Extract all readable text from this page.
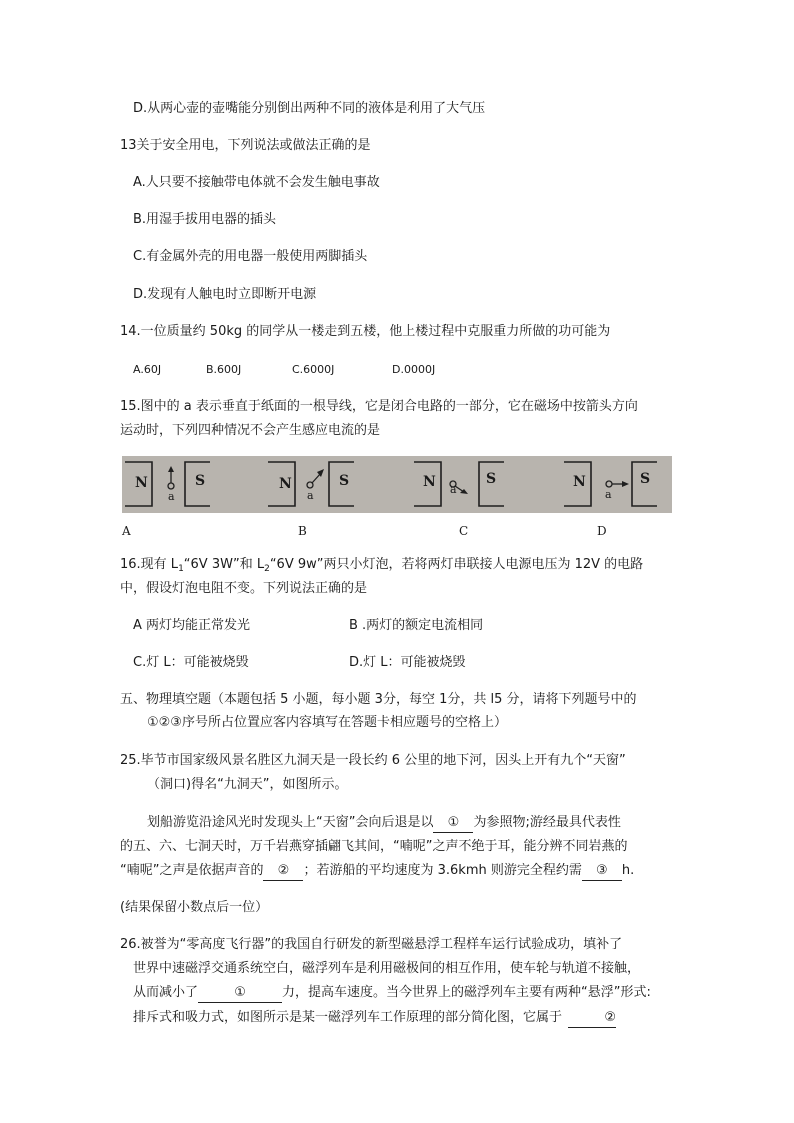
D.从两心壶的壶嘴能分别倒出两种不同的液体是利用了大气压
13关于安全用电，下列说法或做法正确的是
A.人只要不接触带电体就不会发生触电事故
B.用湿手拔用电器的插头
C.有金属外壳的用电器一般使用两脚插头
D.发现有人触电时立即断开电源
14.一位质量约 50kg 的同学从一楼走到五楼，他上楼过程中克服重力所做的功可能为
A.60J	B.600J	C.6000J	D.0000J
15.图中的 a 表示垂直于纸面的一根导线，它是闭合电路的一部分，它在磁场中按箭头方向
运动时，下列四种情况不会产生感应电流的是
N	S
a
N	S
a
N	S
a	N	S
a
A	B	C	D
16.现有 $L_1“6V$ 3W”和 $L_2“6V$ 9w”两只小灯泡，若将两灯串联接人电源电压为 12V 的电路
中，假设灯泡电阻不变。下列说法正确的是
A 两灯均能正常发光	B .两灯的额定电流相同
C.灯 L：可能被烧毁	D.灯 L：可能被烧毁
五、物理填空题（本题包括 5 小题，每小题 3分，每空 1分，共 l5 分，请将下列题号中的
①②③序号所占位置应客内容填写在答题卡相应题号的空格上）
25.毕节市国家级风景名胜区九洞天是一段长约 6 公里的地下河，因头上开有九个“天窗”
（洞口)得名“九洞天”，如图所示。
划船游览沿途风光时发现头上“天窗”会向后退是以 ① 为参照物;游经最具代表性
的五、六、七洞天时，万千岩燕穿插翩飞其间，“喃呢”之声不绝于耳，能分辨不同岩燕的
“喃呢”之声是依据声音的 ② ；若游船的平均速度为 3.6kmh 则游完全程约需 ③ h.
(结果保留小数点后一位）
26.被誉为“零高度飞行器”的我国自行研发的新型磁悬浮工程样车运行试验成功，填补了
世界中速磁浮交通系统空白，磁浮列车是利用磁极间的相互作用，使车轮与轨道不接触，
从而减小了	①	力，提高车速度。当今世界上的磁浮列车主要有两种“悬浮”形式:
排斥式和吸力式，如图所示是某一磁浮列车工作原理的部分简化图，它属于	②
